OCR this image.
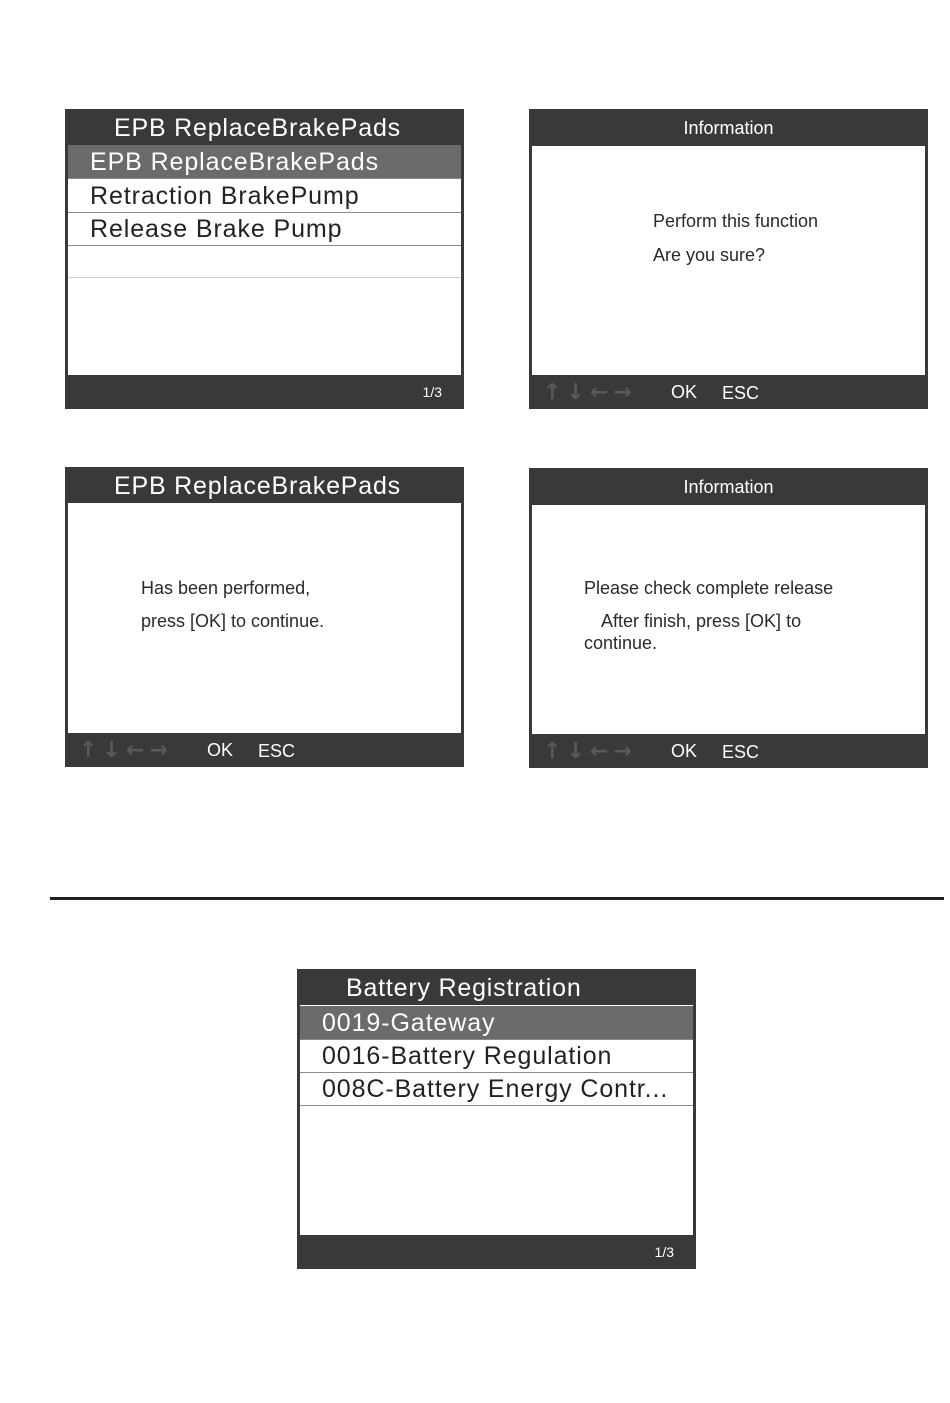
EPB ReplaceBrakePads
EPB ReplaceBrakePads
Retraction BrakePump
Release Brake Pump
1/3
Information
Perform this function
Are you sure?
↑↓←→ OK ESC
EPB ReplaceBrakePads
Has been performed,
press [OK] to continue.
↑↓←→ OK ESC
Information
Please check complete release
After finish, press [OK] to
continue.
↑↓←→ OK ESC
Battery Registration
0019-Gateway
0016-Battery Regulation
008C-Battery Energy Contr...
1/3
